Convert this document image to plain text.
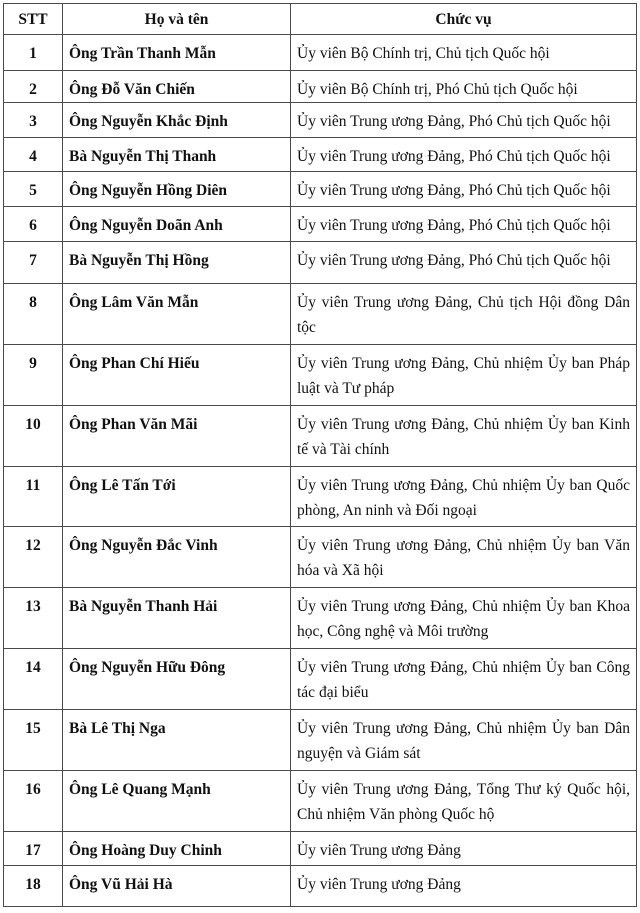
STT	Họ và tên	Chức vụ
1	Ông Trần Thanh Mẫn	Ủy viên Bộ Chính trị, Chủ tịch Quốc hội
2	Ông Đỗ Văn Chiến	Ủy viên Bộ Chính trị, Phó Chủ tịch Quốc hội
3	Ông Nguyễn Khắc Định	Ủy viên Trung ương Đảng, Phó Chủ tịch Quốc hội
4	Bà Nguyễn Thị Thanh	Ủy viên Trung ương Đảng, Phó Chủ tịch Quốc hội
5	Ông Nguyễn Hồng Diên	Ủy viên Trung ương Đảng, Phó Chủ tịch Quốc hội
6	Ông Nguyễn Doãn Anh	Ủy viên Trung ương Đảng, Phó Chủ tịch Quốc hội
7	Bà Nguyễn Thị Hồng	Ủy viên Trung ương Đảng, Phó Chủ tịch Quốc hội
8	Ông Lâm Văn Mẫn	Ủy viên Trung ương Đảng, Chủ tịch Hội đồng Dân tộc
9	Ông Phan Chí Hiếu	Ủy viên Trung ương Đảng, Chủ nhiệm Ủy ban Pháp luật và Tư pháp
10	Ông Phan Văn Mãi	Ủy viên Trung ương Đảng, Chủ nhiệm Ủy ban Kinh tế và Tài chính
11	Ông Lê Tấn Tới	Ủy viên Trung ương Đảng, Chủ nhiệm Ủy ban Quốc phòng, An ninh và Đối ngoại
12	Ông Nguyễn Đắc Vinh	Ủy viên Trung ương Đảng, Chủ nhiệm Ủy ban Văn hóa và Xã hội
13	Bà Nguyễn Thanh Hải	Ủy viên Trung ương Đảng, Chủ nhiệm Ủy ban Khoa học, Công nghệ và Môi trường
14	Ông Nguyễn Hữu Đông	Ủy viên Trung ương Đảng, Chủ nhiệm Ủy ban Công tác đại biểu
15	Bà Lê Thị Nga	Ủy viên Trung ương Đảng, Chủ nhiệm Ủy ban Dân nguyện và Giám sát
16	Ông Lê Quang Mạnh	Ủy viên Trung ương Đảng, Tổng Thư ký Quốc hội, Chủ nhiệm Văn phòng Quốc hộ
17	Ông Hoàng Duy Chinh	Ủy viên Trung ương Đảng
18	Ông Vũ Hải Hà	Ủy viên Trung ương Đảng
